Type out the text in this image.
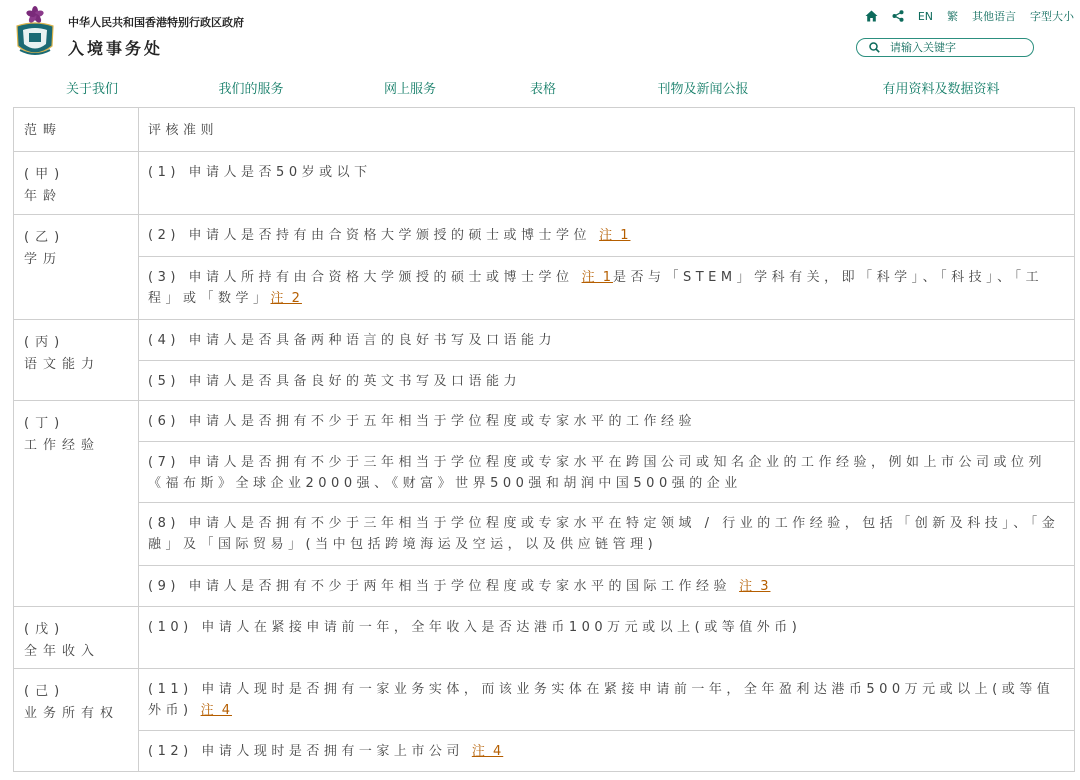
中华人民共和国香港特别行政区政府
入境事务处
EN 繁 其他语言 字型大小
请输入关键字
关于我们	我们的服务	网上服务	表格	刊物及新闻公报	有用资料及数据资料
范畴	评核准则

(甲)
年龄	(1) 申请人是否50岁或以下

(乙)
学历	(2) 申请人是否持有由合资格大学颁授的硕士或博士学位 注 1
	(3) 申请人所持有由合资格大学颁授的硕士或博士学位 注 1是否与「STEM」学科有关，即「科学」、「科技」、「工程」或「数学」注 2

(丙)
语文能力	(4) 申请人是否具备两种语言的良好书写及口语能力
	(5) 申请人是否具备良好的英文书写及口语能力

(丁)
工作经验	(6) 申请人是否拥有不少于五年相当于学位程度或专家水平的工作经验
	(7) 申请人是否拥有不少于三年相当于学位程度或专家水平在跨国公司或知名企业的工作经验，例如上市公司或位列《福布斯》全球企业2000强、《财富》世界500强和胡润中国500强的企业
	(8) 申请人是否拥有不少于三年相当于学位程度或专家水平在特定领域 / 行业的工作经验，包括「创新及科技」、「金融」及「国际贸易」(当中包括跨境海运及空运，以及供应链管理)
	(9) 申请人是否拥有不少于两年相当于学位程度或专家水平的国际工作经验 注 3

(戊)
全年收入	(10) 申请人在紧接申请前一年，全年收入是否达港币100万元或以上(或等值外币)

(己)
业务所有权	(11) 申请人现时是否拥有一家业务实体，而该业务实体在紧接申请前一年，全年盈利达港币500万元或以上(或等值外币) 注 4
	(12) 申请人现时是否拥有一家上市公司 注 4
